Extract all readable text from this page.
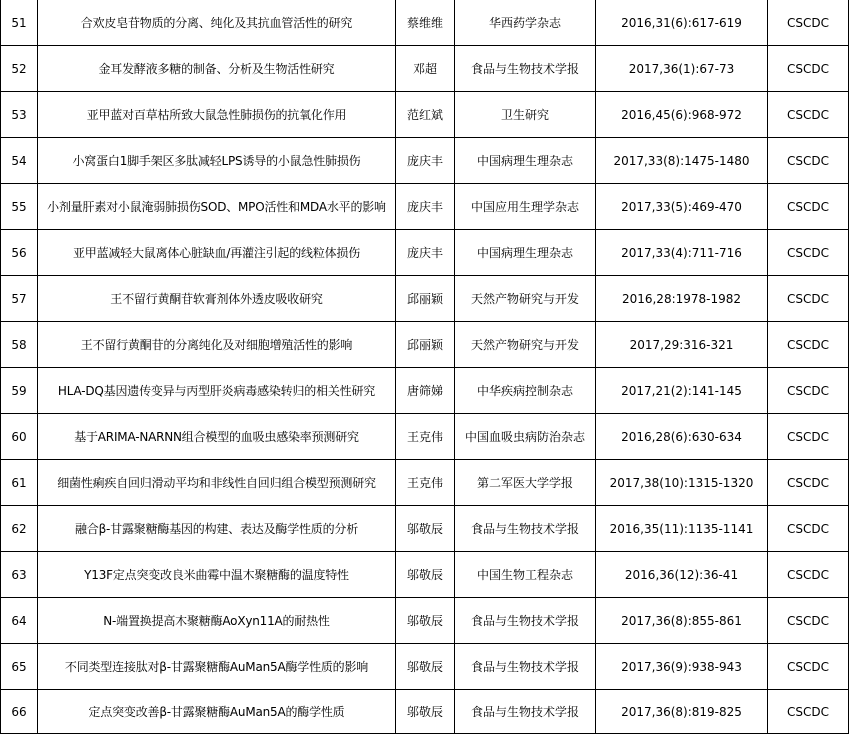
51	合欢皮皂苷物质的分离、纯化及其抗血管活性的研究	蔡维维	华西药学杂志	2016,31(6):617-619	CSCDC
52	金耳发酵液多糖的制备、分析及生物活性研究	邓超	食品与生物技术学报	2017,36(1):67-73	CSCDC
53	亚甲蓝对百草枯所致大鼠急性肺损伤的抗氧化作用	范红斌	卫生研究	2016,45(6):968-972	CSCDC
54	小窝蛋白1脚手架区多肽减轻LPS诱导的小鼠急性肺损伤	庞庆丰	中国病理生理杂志	2017,33(8):1475-1480	CSCDC
55	小剂量肝素对小鼠淹弱肺损伤SOD、MPO活性和MDA水平的影响	庞庆丰	中国应用生理学杂志	2017,33(5):469-470	CSCDC
56	亚甲蓝减轻大鼠离体心脏缺血/再灌注引起的线粒体损伤	庞庆丰	中国病理生理杂志	2017,33(4):711-716	CSCDC
57	王不留行黄酮苷软膏剂体外透皮吸收研究	邱丽颖	天然产物研究与开发	2016,28:1978-1982	CSCDC
58	王不留行黄酮苷的分离纯化及对细胞增殖活性的影响	邱丽颖	天然产物研究与开发	2017,29:316-321	CSCDC
59	HLA-DQ基因遗传变异与丙型肝炎病毒感染转归的相关性研究	唐筛娣	中华疾病控制杂志	2017,21(2):141-145	CSCDC
60	基于ARIMA-NARNN组合模型的血吸虫感染率预测研究	王克伟	中国血吸虫病防治杂志	2016,28(6):630-634	CSCDC
61	细菌性痢疾自回归滑动平均和非线性自回归组合模型预测研究	王克伟	第二军医大学学报	2017,38(10):1315-1320	CSCDC
62	融合β-甘露聚糖酶基因的构建、表达及酶学性质的分析	邬敬辰	食品与生物技术学报	2016,35(11):1135-1141	CSCDC
63	Y13F定点突变改良米曲霉中温木聚糖酶的温度特性	邬敬辰	中国生物工程杂志	2016,36(12):36-41	CSCDC
64	N-端置换提高木聚糖酶AoXyn11A的耐热性	邬敬辰	食品与生物技术学报	2017,36(8):855-861	CSCDC
65	不同类型连接肽对β-甘露聚糖酶AuMan5A酶学性质的影响	邬敬辰	食品与生物技术学报	2017,36(9):938-943	CSCDC
66	定点突变改善β-甘露聚糖酶AuMan5A的酶学性质	邬敬辰	食品与生物技术学报	2017,36(8):819-825	CSCDC
